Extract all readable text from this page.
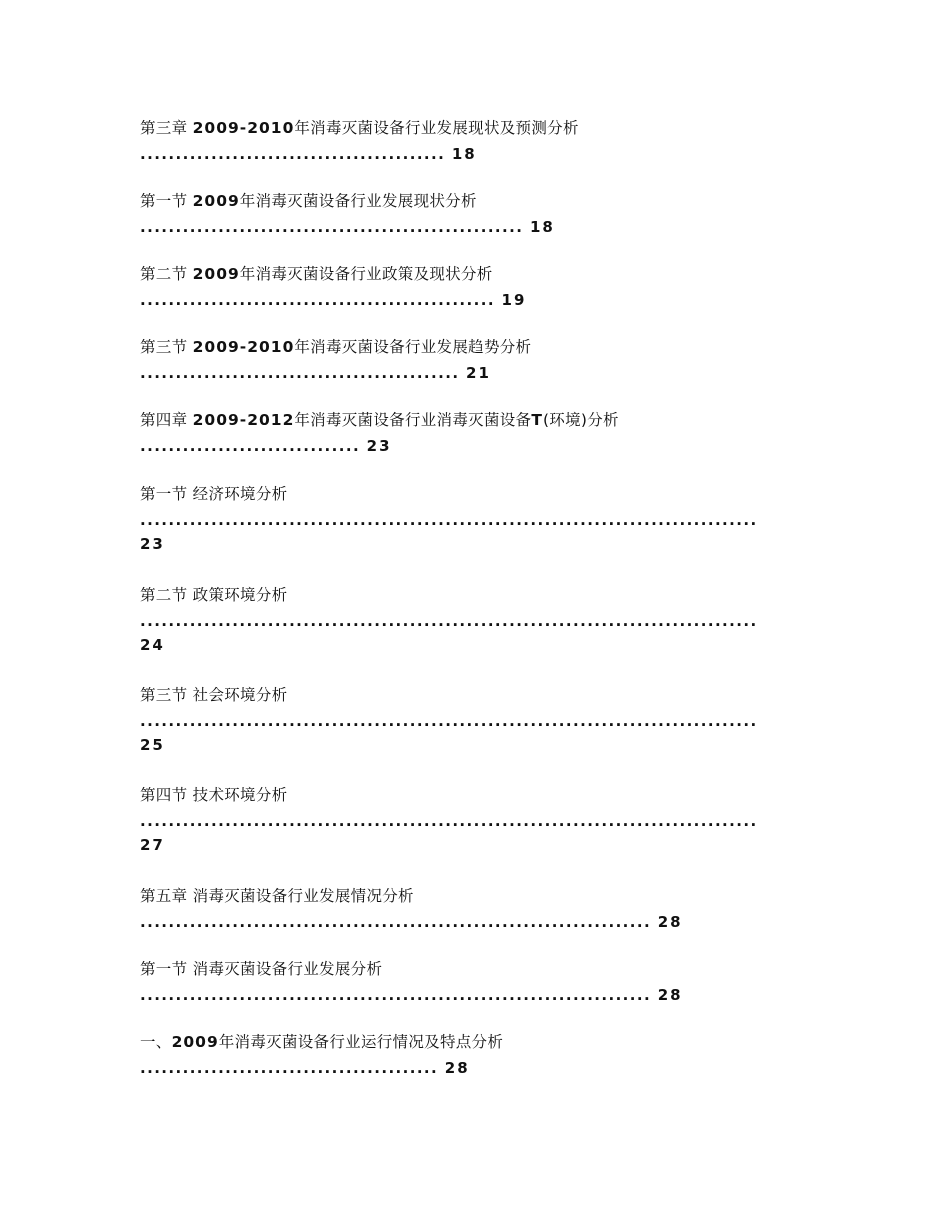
第三章 2009-2010年消毒灭菌设备行业发展现状及预测分析
........................................... 18
第一节 2009年消毒灭菌设备行业发展现状分析
...................................................... 18
第二节 2009年消毒灭菌设备行业政策及现状分析
.................................................. 19
第三节 2009-2010年消毒灭菌设备行业发展趋势分析
............................................. 21
第四章 2009-2012年消毒灭菌设备行业消毒灭菌设备T(环境)分析
............................... 23
第一节 经济环境分析
.......................................................................................
23
第二节 政策环境分析
.......................................................................................
24
第三节 社会环境分析
.......................................................................................
25
第四节 技术环境分析
.......................................................................................
27
第五章 消毒灭菌设备行业发展情况分析
........................................................................ 28
第一节 消毒灭菌设备行业发展分析
........................................................................ 28
一、2009年消毒灭菌设备行业运行情况及特点分析
.......................................... 28
